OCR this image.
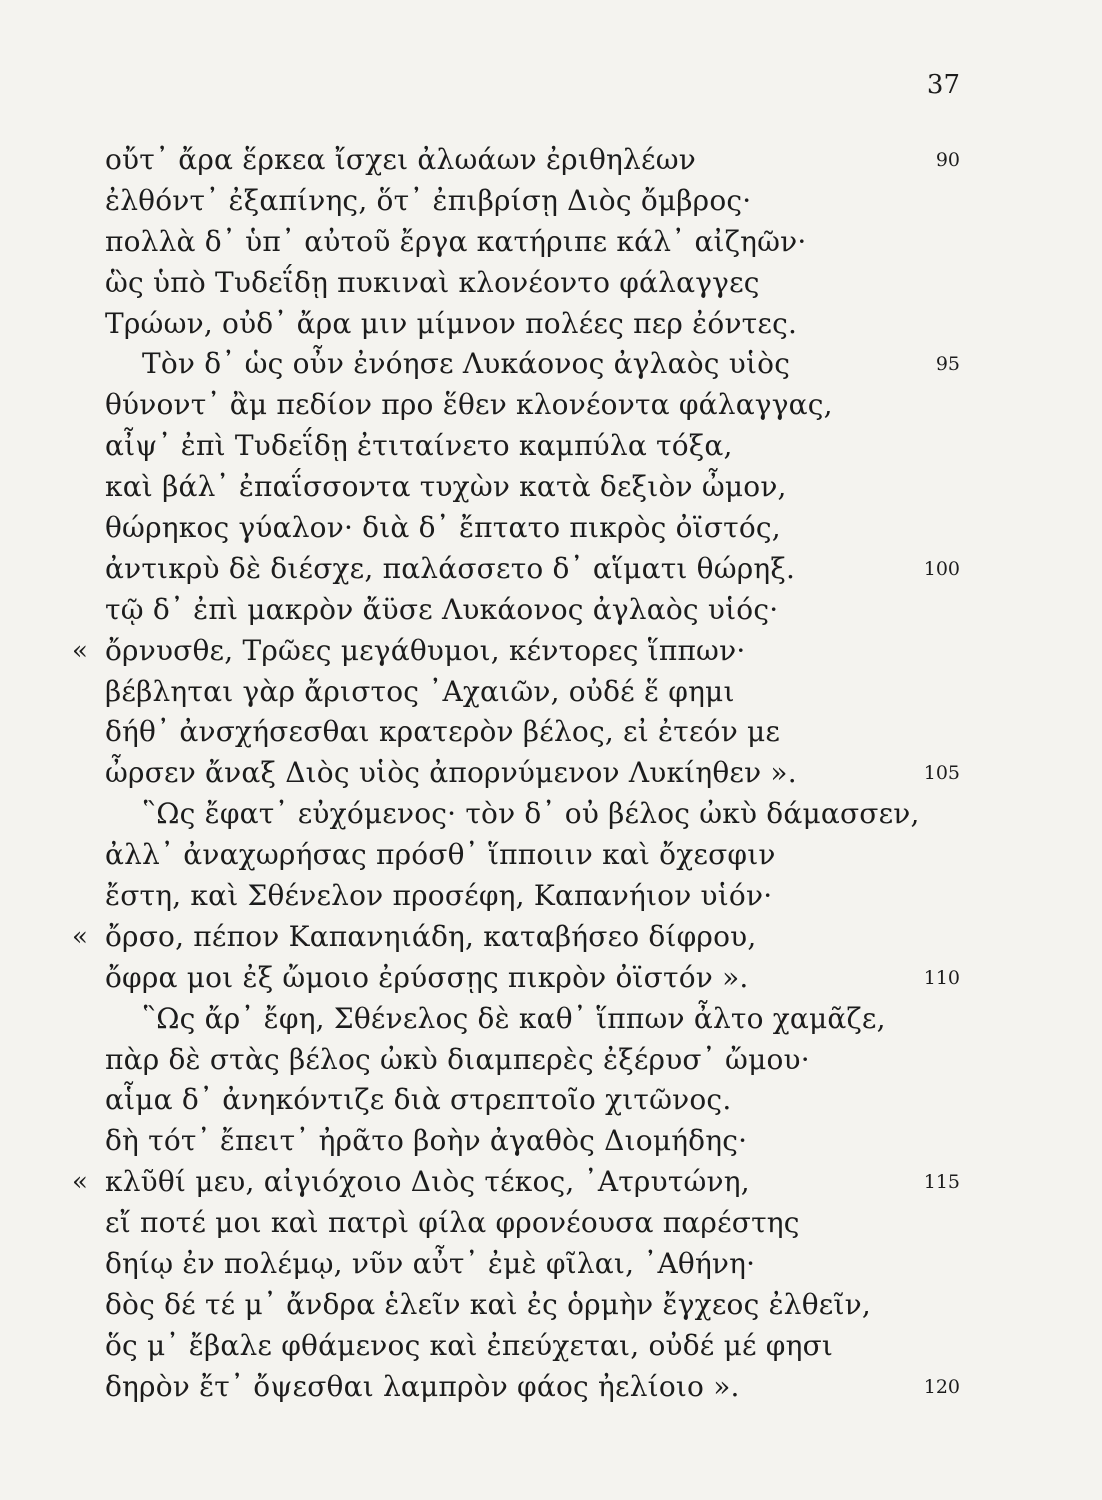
37
οὔτ᾽ ἄρα ἕρκεα ἴσχει ἀλωάων ἐριθηλέων	90
ἐλθόντ᾽ ἐξαπίνης, ὅτ᾽ ἐπιβρίσῃ Διὸς ὄμβρος·
πολλὰ δ᾽ ὑπ᾽ αὐτοῦ ἔργα κατήριπε κάλ᾽ αἰζηῶν·
ὣς ὑπὸ Τυδεΐδῃ πυκιναὶ κλονέοντο φάλαγγες
Τρώων, οὐδ᾽ ἄρα μιν μίμνον πολέες περ ἐόντες.
Τὸν δ᾽ ὡς οὖν ἐνόησε Λυκάονος ἀγλαὸς υἱὸς	95
θύνοντ᾽ ἂμ πεδίον προ ἕθεν κλονέοντα φάλαγγας,
αἶψ᾽ ἐπὶ Τυδεΐδῃ ἐτιταίνετο καμπύλα τόξα,
καὶ βάλ᾽ ἐπαΐσσοντα τυχὼν κατὰ δεξιὸν ὦμον,
θώρηκος γύαλον· διὰ δ᾽ ἔπτατο πικρὸς ὀϊστός,
ἀντικρὺ δὲ διέσχε, παλάσσετο δ᾽ αἵματι θώρηξ.	100
τῷ δ᾽ ἐπὶ μακρὸν ἄϋσε Λυκάονος ἀγλαὸς υἱός·
« ὄρνυσθε, Τρῶες μεγάθυμοι, κέντορες ἵππων·
βέβληται γὰρ ἄριστος ᾿Αχαιῶν, οὐδέ ἕ φημι
δήθ᾽ ἀνσχήσεσθαι κρατερὸν βέλος, εἰ ἐτεόν με
ὦρσεν ἄναξ Διὸς υἱὸς ἀπορνύμενον Λυκίηθεν ».	105
῝Ως ἔφατ᾽ εὐχόμενος· τὸν δ᾽ οὐ βέλος ὠκὺ δάμασσεν,
ἀλλ᾽ ἀναχωρήσας πρόσθ᾽ ἵπποιιν καὶ ὄχεσφιν
ἔστη, καὶ Σθένελον προσέφη, Καπανήιον υἱόν·
« ὄρσο, πέπον Καπανηιάδη, καταβήσεο δίφρου,
ὄφρα μοι ἐξ ὤμοιο ἐρύσσῃς πικρὸν ὀϊστόν ».	110
῝Ως ἄρ᾽ ἔφη, Σθένελος δὲ καθ᾽ ἵππων ἆλτο χαμᾶζε,
πὰρ δὲ στὰς βέλος ὠκὺ διαμπερὲς ἐξέρυσ᾽ ὤμου·
αἷμα δ᾽ ἀνηκόντιζε διὰ στρεπτοῖο χιτῶνος.
δὴ τότ᾽ ἔπειτ᾽ ἠρᾶτο βοὴν ἀγαθὸς Διομήδης·
« κλῦθί μευ, αἰγιόχοιο Διὸς τέκος, ᾿Ατρυτώνη,	115
εἴ ποτέ μοι καὶ πατρὶ φίλα φρονέουσα παρέστης
δηίῳ ἐν πολέμῳ, νῦν αὖτ᾽ ἐμὲ φῖλαι, ᾿Αθήνη·
δὸς δέ τέ μ᾽ ἄνδρα ἑλεῖν καὶ ἐς ὁρμὴν ἔγχεος ἐλθεῖν,
ὅς μ᾽ ἔβαλε φθάμενος καὶ ἐπεύχεται, οὐδέ μέ φησι
δηρὸν ἔτ᾽ ὄψεσθαι λαμπρὸν φάος ἠελίοιο ».	120
